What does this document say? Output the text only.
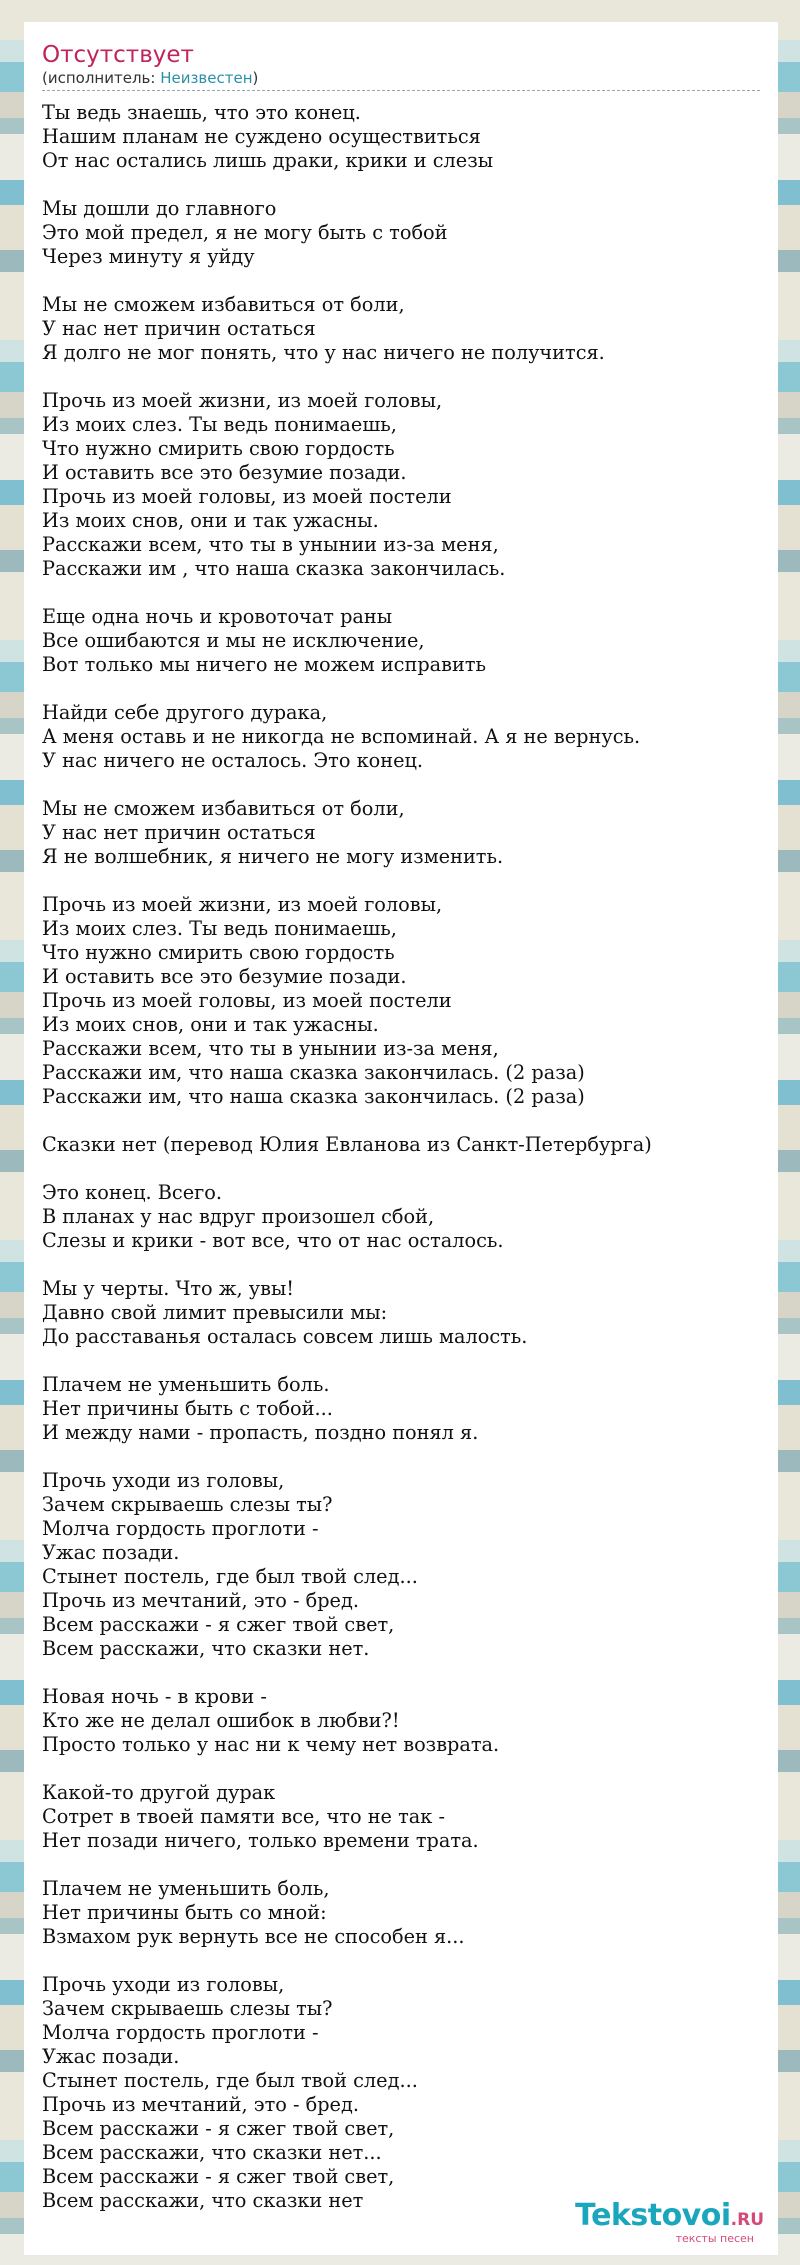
Отсутствует
(исполнитель: Неизвестен)
Ты ведь знаешь, что это конец.
Нашим планам не суждено осуществиться
От нас остались лишь драки, крики и слезы
Мы дошли до главного
Это мой предел, я не могу быть с тобой
Через минуту я уйду
Мы не сможем избавиться от боли,
У нас нет причин остаться
Я долго не мог понять, что у нас ничего не получится.
Прочь из моей жизни, из моей головы,
Из моих слез. Ты ведь понимаешь,
Что нужно смирить свою гордость
И оставить все это безумие позади.
Прочь из моей головы, из моей постели
Из моих снов, они и так ужасны.
Расскажи всем, что ты в унынии из-за меня,
Расскажи им , что наша сказка закончилась.
Еще одна ночь и кровоточат раны
Все ошибаются и мы не исключение,
Вот только мы ничего не можем исправить
Найди себе другого дурака,
А меня оставь и не никогда не вспоминай. А я не вернусь.
У нас ничего не осталось. Это конец.
Мы не сможем избавиться от боли,
У нас нет причин остаться
Я не волшебник, я ничего не могу изменить.
Прочь из моей жизни, из моей головы,
Из моих слез. Ты ведь понимаешь,
Что нужно смирить свою гордость
И оставить все это безумие позади.
Прочь из моей головы, из моей постели
Из моих снов, они и так ужасны.
Расскажи всем, что ты в унынии из-за меня,
Расскажи им, что наша сказка закончилась. (2 раза)
Расскажи им, что наша сказка закончилась. (2 раза)
Сказки нет (перевод Юлия Евланова из Санкт-Петербурга)
Это конец. Всего.
В планах у нас вдруг произошел сбой,
Слезы и крики - вот все, что от нас осталось.
Мы у черты. Что ж, увы!
Давно свой лимит превысили мы:
До расставанья осталась совсем лишь малость.
Плачем не уменьшить боль.
Нет причины быть с тобой...
И между нами - пропасть, поздно понял я.
Прочь уходи из головы,
Зачем скрываешь слезы ты?
Молча гордость проглоти -
Ужас позади.
Стынет постель, где был твой след...
Прочь из мечтаний, это - бред.
Всем расскажи - я сжег твой свет,
Всем расскажи, что сказки нет.
Новая ночь - в крови -
Кто же не делал ошибок в любви?!
Просто только у нас ни к чему нет возврата.
Какой-то другой дурак
Сотрет в твоей памяти все, что не так -
Нет позади ничего, только времени трата.
Плачем не уменьшить боль,
Нет причины быть со мной:
Взмахом рук вернуть все не способен я...
Прочь уходи из головы,
Зачем скрываешь слезы ты?
Молча гордость проглоти -
Ужас позади.
Стынет постель, где был твой след...
Прочь из мечтаний, это - бред.
Всем расскажи - я сжег твой свет,
Всем расскажи, что сказки нет...
Всем расскажи - я сжег твой свет,
Всем расскажи, что сказки нет	Tekstovoi.RU
тексты песен
